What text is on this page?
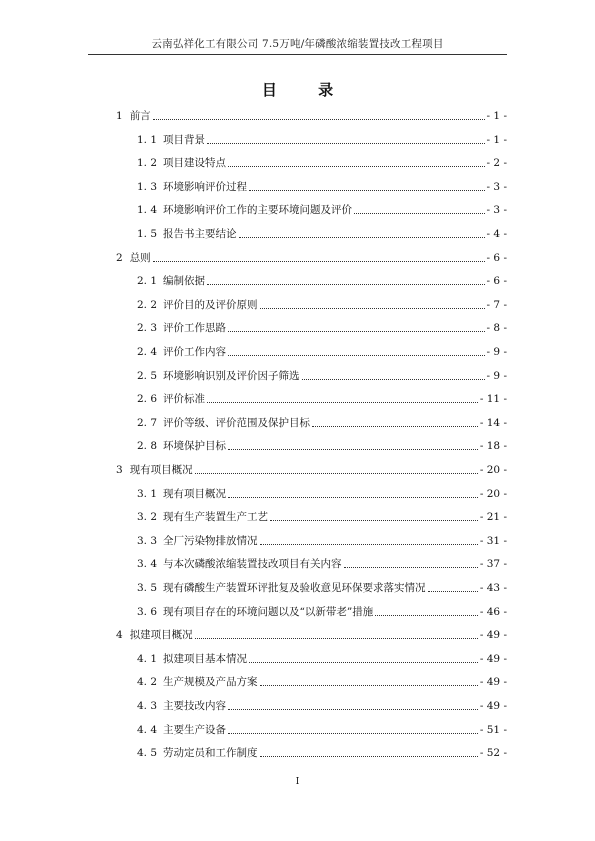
云南弘祥化工有限公司 7.5万吨/年磷酸浓缩装置技改工程项目
目 录
1 前言	- 1 -
1. 1 项目背景	- 1 -
1. 2 项目建设特点	- 2 -
1. 3 环境影响评价过程	- 3 -
1. 4 环境影响评价工作的主要环境问题及评价	- 3 -
1. 5 报告书主要结论	- 4 -
2 总则	- 6 -
2. 1 编制依据	- 6 -
2. 2 评价目的及评价原则	- 7 -
2. 3 评价工作思路	- 8 -
2. 4 评价工作内容	- 9 -
2. 5 环境影响识别及评价因子筛选	- 9 -
2. 6 评价标准	- 11 -
2. 7 评价等级、评价范围及保护目标	- 14 -
2. 8 环境保护目标	- 18 -
3 现有项目概况	- 20 -
3. 1 现有项目概况	- 20 -
3. 2 现有生产装置生产工艺	- 21 -
3. 3 全厂污染物排放情况	- 31 -
3. 4 与本次磷酸浓缩装置技改项目有关内容	- 37 -
3. 5 现有磷酸生产装置环评批复及验收意见环保要求落实情况	- 43 -
3. 6 现有项目存在的环境问题以及“以新带老”措施	- 46 -
4 拟建项目概况	- 49 -
4. 1 拟建项目基本情况	- 49 -
4. 2 生产规模及产品方案	- 49 -
4. 3 主要技改内容	- 49 -
4. 4 主要生产设备	- 51 -
4. 5 劳动定员和工作制度	- 52 -
I
